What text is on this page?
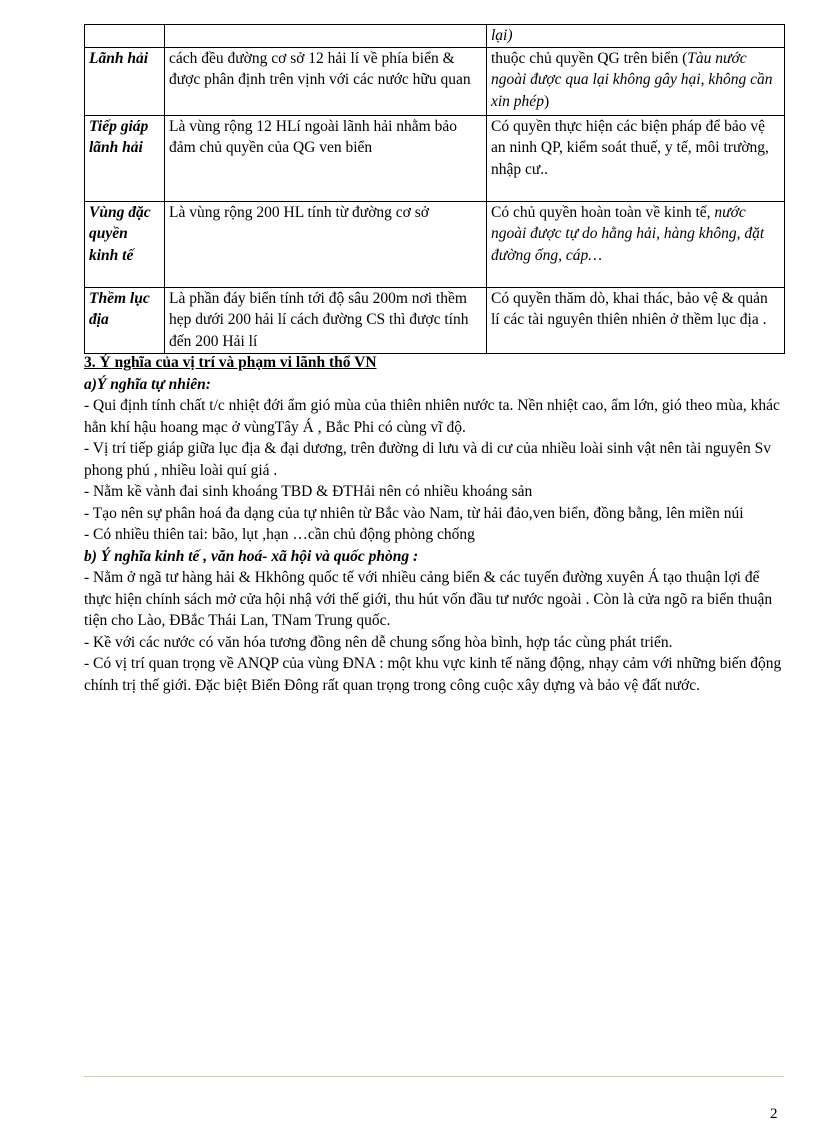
		lại)
Lãnh hải	cách đều đường cơ sở 12 hải lí về phía biển & được phân định trên vịnh với các nước hữu quan	thuộc chủ quyền QG trên biển (Tàu nước ngoài được qua lại không gây hại, không cần xin phép)
Tiếp giáp lãnh hải	Là vùng rộng 12 HLí ngoài lãnh hải nhằm bảo đảm chủ quyền của QG ven biển	Có quyền thực hiện các biện pháp để bảo vệ an ninh QP, kiểm soát thuế, y tế, môi trường, nhập cư..
Vùng đặc quyền kinh tế	Là vùng rộng 200 HL tính từ đường cơ sở	Có chủ quyền hoàn toàn về kinh tế, nước ngoài được tự do hằng hải, hàng không, đặt đường ống, cáp…
Thềm lục địa	Là phần đáy biển tính tới độ sâu 200m nơi thềm hẹp dưới 200 hải lí cách đường CS thì được tính đến 200 Hải lí	Có quyền thăm dò, khai thác, bảo vệ & quản lí các tài nguyên thiên nhiên ở thềm lục địa .
3. Ý nghĩa của vị trí và phạm vi lãnh thổ VN
a)Ý nghĩa tự nhiên:

- Qui định tính chất t/c nhiệt đới ẩm gió mùa của thiên nhiên nước ta. Nền nhiệt cao, ẩm lớn, gió theo mùa, khác hẳn khí hậu hoang mạc ở vùngTây Á , Bắc Phi có cùng vĩ độ.

- Vị trí tiếp giáp giữa lục địa & đại dương, trên đường di lưu và di cư của nhiều loài sinh vật nên tài nguyên Sv phong phú , nhiều loài quí giá .

- Nằm kề vành đai sinh khoáng TBD & ĐTHải nên có nhiều khoáng sản

- Tạo nên sự phân hoá đa dạng của tự nhiên từ Bắc vào Nam, từ hải đảo,ven biển, đồng bằng, lên miền núi

- Có nhiều thiên tai: bão, lụt ,hạn …cần chủ động phòng chống

b) Ý nghĩa kinh tế , văn hoá- xã hội và quốc phòng :

- Nằm ở ngã tư hàng hải & Hkhông quốc tế với nhiều cảng biển & các tuyến đường xuyên Á tạo thuận lợi để thực hiện chính sách mở cửa hội nhậ với thế giới, thu hút vốn đầu tư nước ngoài . Còn là cửa ngõ ra biển thuận tiện cho Lào, ĐBắc Thái Lan, TNam Trung quốc.

- Kề với các nước có văn hóa tương đồng nên dễ chung sống hòa bình, hợp tác cùng phát triển.

- Có vị trí quan trọng về ANQP của vùng ĐNA : một khu vực kinh tế năng động, nhạy cảm với những biến động chính trị thế giới. Đặc biệt Biển Đông rất quan trọng trong công cuộc xây dựng và bảo vệ đất nước.

2
